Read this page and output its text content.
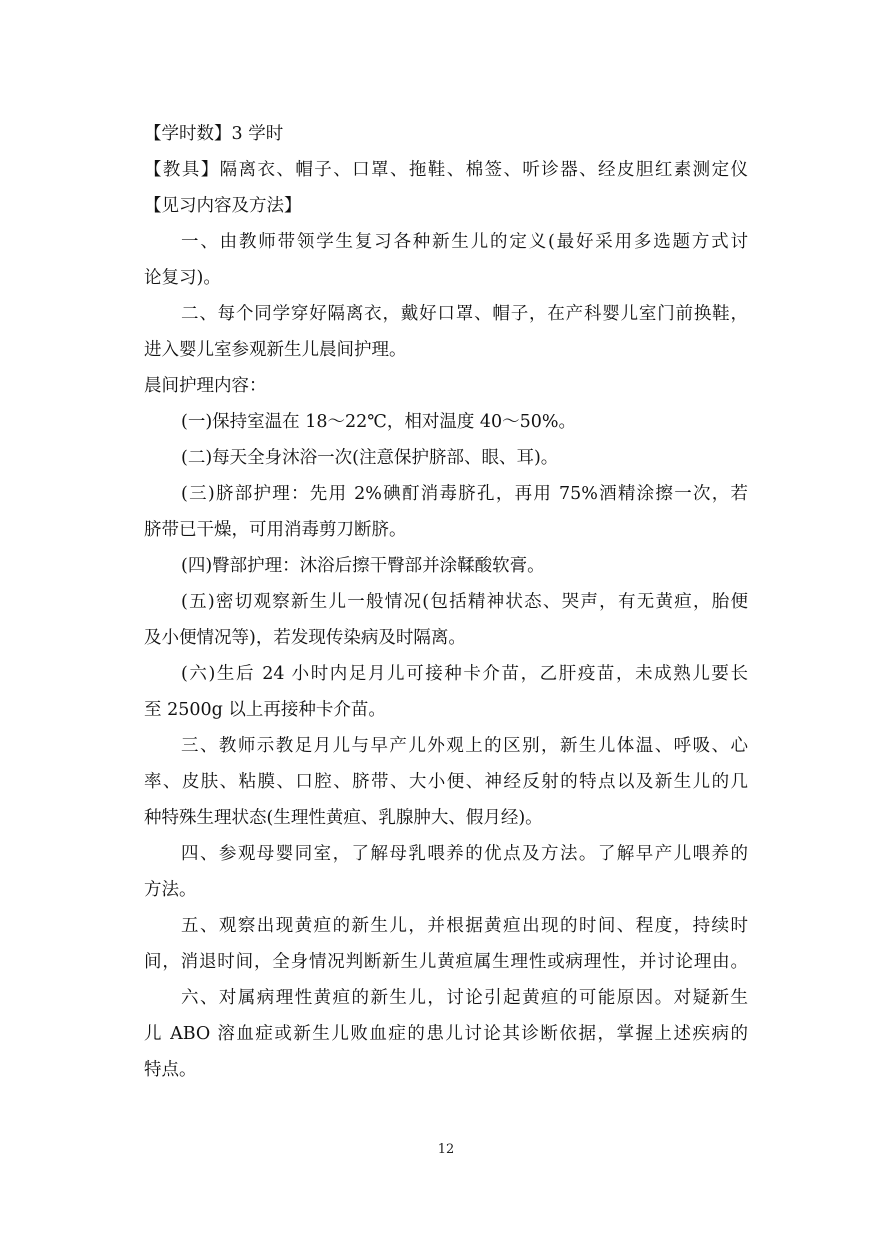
【学时数】3 学时
【教具】隔离衣、帽子、口罩、拖鞋、棉签、听诊器、经皮胆红素测定仪
【见习内容及方法】
一、由教师带领学生复习各种新生儿的定义(最好采用多选题方式讨
论复习)。
二、每个同学穿好隔离衣，戴好口罩、帽子，在产科婴儿室门前换鞋，
进入婴儿室参观新生儿晨间护理。
晨间护理内容：
(一)保持室温在 18～22℃，相对温度 40～50%。
(二)每天全身沐浴一次(注意保护脐部、眼、耳)。
(三)脐部护理：先用 2%碘酊消毒脐孔，再用 75%酒精涂擦一次，若
脐带已干燥，可用消毒剪刀断脐。
(四)臀部护理：沐浴后擦干臀部并涂鞣酸软膏。
(五)密切观察新生儿一般情况(包括精神状态、哭声，有无黄疸，胎便
及小便情况等)，若发现传染病及时隔离。
(六)生后 24 小时内足月儿可接种卡介苗，乙肝疫苗，未成熟儿要长
至 2500g 以上再接种卡介苗。
三、教师示教足月儿与早产儿外观上的区别，新生儿体温、呼吸、心
率、皮肤、粘膜、口腔、脐带、大小便、神经反射的特点以及新生儿的几
种特殊生理状态(生理性黄疸、乳腺肿大、假月经)。
四、参观母婴同室，了解母乳喂养的优点及方法。了解早产儿喂养的
方法。
五、观察出现黄疸的新生儿，并根据黄疸出现的时间、程度，持续时
间，消退时间，全身情况判断新生儿黄疸属生理性或病理性，并讨论理由。
六、对属病理性黄疸的新生儿，讨论引起黄疸的可能原因。对疑新生
儿 ABO 溶血症或新生儿败血症的患儿讨论其诊断依据，掌握上述疾病的
特点。
12
